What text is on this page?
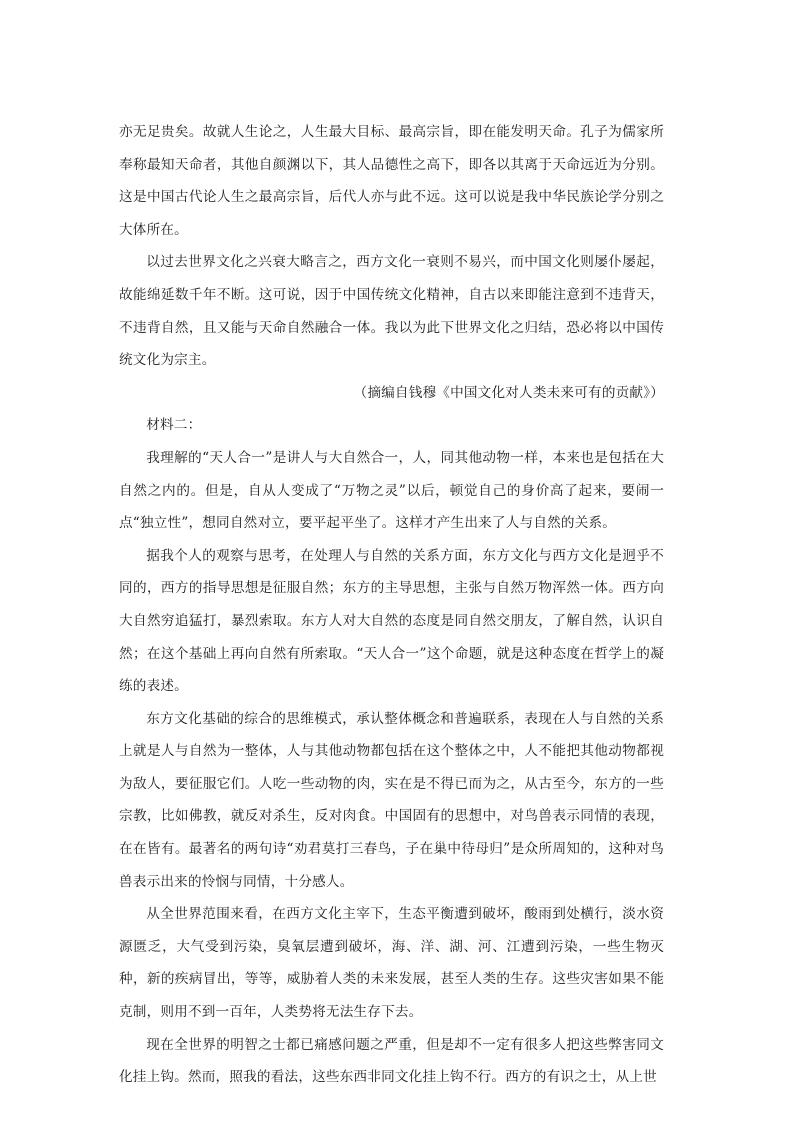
亦无足贵矣。故就人生论之，人生最大目标、最高宗旨，即在能发明天命。孔子为儒家所奉称最知天命者，其他自颜渊以下，其人品德性之高下，即各以其离于天命远近为分别。这是中国古代论人生之最高宗旨，后代人亦与此不远。这可以说是我中华民族论学分别之大体所在。

以过去世界文化之兴衰大略言之，西方文化一衰则不易兴，而中国文化则屡仆屡起，故能绵延数千年不断。这可说，因于中国传统文化精神，自古以来即能注意到不违背天，不违背自然，且又能与天命自然融合一体。我以为此下世界文化之归结，恐必将以中国传统文化为宗主。

（摘编自钱穆《中国文化对人类未来可有的贡献》）

材料二：

我理解的“天人合一”是讲人与大自然合一，人，同其他动物一样，本来也是包括在大自然之内的。但是，自从人变成了“万物之灵”以后，顿觉自己的身价高了起来，要闹一点“独立性”，想同自然对立，要平起平坐了。这样才产生出来了人与自然的关系。

据我个人的观察与思考，在处理人与自然的关系方面，东方文化与西方文化是迥乎不同的，西方的指导思想是征服自然；东方的主导思想，主张与自然万物浑然一体。西方向大自然穷追猛打，暴烈索取。东方人对大自然的态度是同自然交朋友，了解自然，认识自然；在这个基础上再向自然有所索取。“天人合一”这个命题，就是这种态度在哲学上的凝练的表述。

东方文化基础的综合的思维模式，承认整体概念和普遍联系，表现在人与自然的关系上就是人与自然为一整体，人与其他动物都包括在这个整体之中，人不能把其他动物都视为敌人，要征服它们。人吃一些动物的肉，实在是不得已而为之，从古至今，东方的一些宗教，比如佛教，就反对杀生，反对肉食。中国固有的思想中，对鸟兽表示同情的表现，在在皆有。最著名的两句诗“劝君莫打三春鸟，子在巢中待母归”是众所周知的，这种对鸟兽表示出来的怜悯与同情，十分感人。

从全世界范围来看，在西方文化主宰下，生态平衡遭到破坏，酸雨到处横行，淡水资源匮乏，大气受到污染，臭氧层遭到破坏，海、洋、湖、河、江遭到污染，一些生物灭种，新的疾病冒出，等等，威胁着人类的未来发展，甚至人类的生存。这些灾害如果不能克制，则用不到一百年，人类势将无法生存下去。

现在全世界的明智之士都已痛感问题之严重，但是却不一定有很多人把这些弊害同文化挂上钩。然而，照我的看法，这些东西非同文化挂上钩不行。西方的有识之士，从上世
